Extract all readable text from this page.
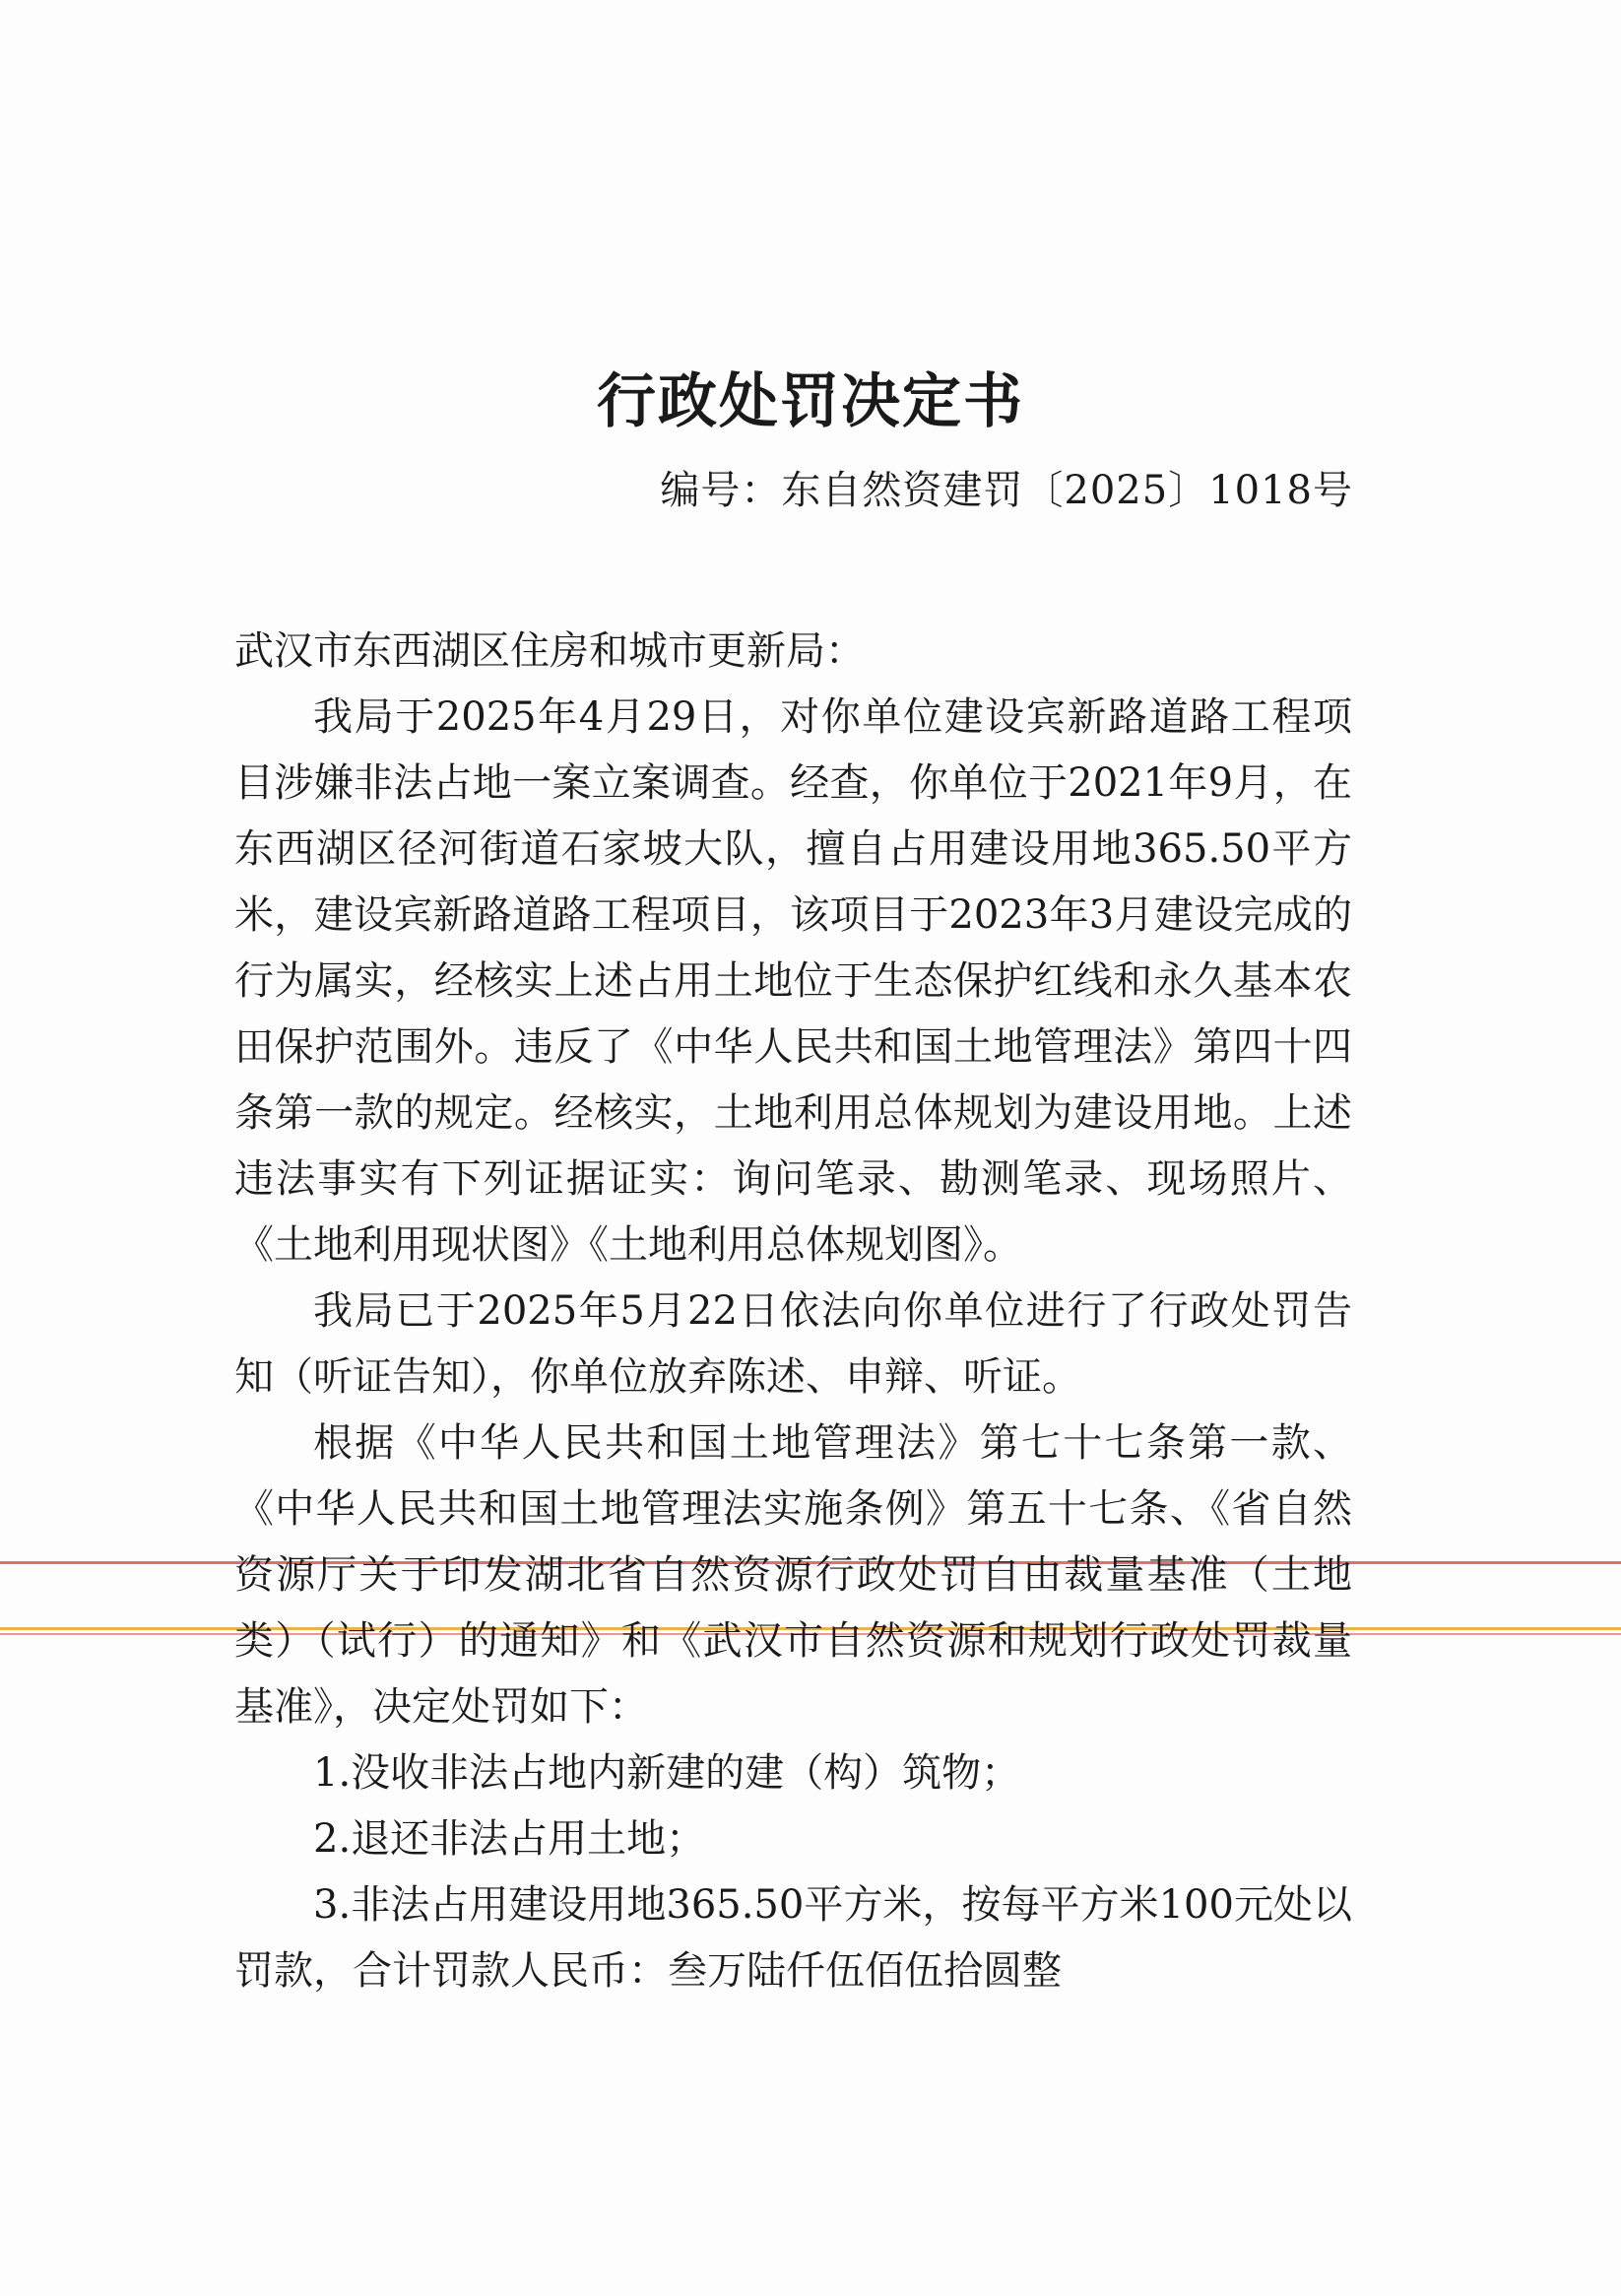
行政处罚决定书
编号：东自然资建罚〔2025〕1018号

武汉市东西湖区住房和城市更新局：

我局于2025年4月29日，对你单位建设宾新路道路工程项目涉嫌非法占地一案立案调查。经查，你单位于2021年9月，在东西湖区径河街道石家坡大队，擅自占用建设用地365.50平方米，建设宾新路道路工程项目，该项目于2023年3月建设完成的行为属实，经核实上述占用土地位于生态保护红线和永久基本农田保护范围外。违反了《中华人民共和国土地管理法》第四十四条第一款的规定。经核实，土地利用总体规划为建设用地。上述违法事实有下列证据证实：询问笔录、勘测笔录、现场照片、《土地利用现状图》《土地利用总体规划图》。

我局已于2025年5月22日依法向你单位进行了行政处罚告知（听证告知），你单位放弃陈述、申辩、听证。

根据《中华人民共和国土地管理法》第七十七条第一款、《中华人民共和国土地管理法实施条例》第五十七条、《省自然资源厅关于印发湖北省自然资源行政处罚自由裁量基准（土地类）（试行）的通知》和《武汉市自然资源和规划行政处罚裁量基准》，决定处罚如下：

1.没收非法占地内新建的建（构）筑物；

2.退还非法占用土地；

3.非法占用建设用地365.50平方米，按每平方米100元处以罚款，合计罚款人民币：叁万陆仟伍佰伍拾圆整
